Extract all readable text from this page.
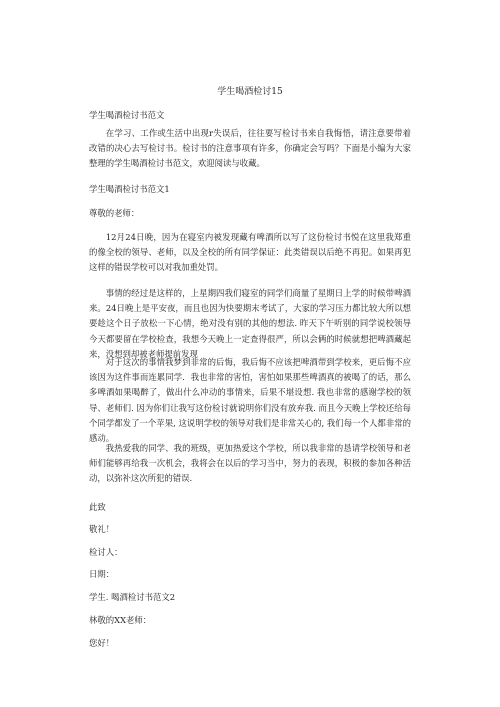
学生喝酒检讨15

学生喝酒检讨书范文

在学习、工作或生活中出现r失误后，往往要写检讨书来自我悔悟，请注意要带着改错的决心去写检讨书。检讨书的注意事项有许多，你确定会写吗？下面是小编为大家整理的学生喝酒检讨书范文，欢迎阅读与收藏。

学生喝酒检讨书范文1

尊敬的老师：

12月24日晚，因为在寝室内被发现藏有啤酒所以写了这份检讨书悦在这里我郑重的像全校的领导、老师，以及全校的所有同学保证：此类错误以后绝不再犯。如果再犯这样的错误学校可以对我加重处罚。

事情的经过是这样的，上星期四我们寝室的同学们商量了星期日上学的时候带啤酒来。24日晚上是平安夜，而且也因为快要期末考试了，大家的学习压力都比较大所以想要趁这个日子放松一下心情，绝对没有别的其他的想法. 昨天下午听别的同学说校领导今天都要留在学校检查，我想今天晚上一定查得很严，所以会俩的时候就想把啤酒藏起来，没想到却被老师提前发现

对于这次的事情我梦到非常的后悔，我后悔不应该把啤酒带到学校来，更后悔不应该因为这件事而连累同学．我也非常的害怕，害怕如果那些啤酒真的被喝了的话，那么多啤酒如果喝醉了，做出什么冲动的事情来，后果不堪设想. 我也非常的感谢学校的领导、老师们. 因为你们让我写这份检讨就说明你们没有放弃我. 而且今天晚上学校还给每个同学都发了一个苹果, 这说明学校的领导对我们是非常关心的, 我们每一个人都非常的感动。

我热爱我的同学、我的班级，更加热爱这个学校，所以我非常的恳请学校领导和老师们能够再给我一次机会，我将会在以后的学习当中，努力的表现，积极的参加各种活动，以弥补这次所犯的错误.

此致

敬礼！

检讨人：

日期：

学生. 喝酒检讨书范文2

林敬的XX老师：

您好！
